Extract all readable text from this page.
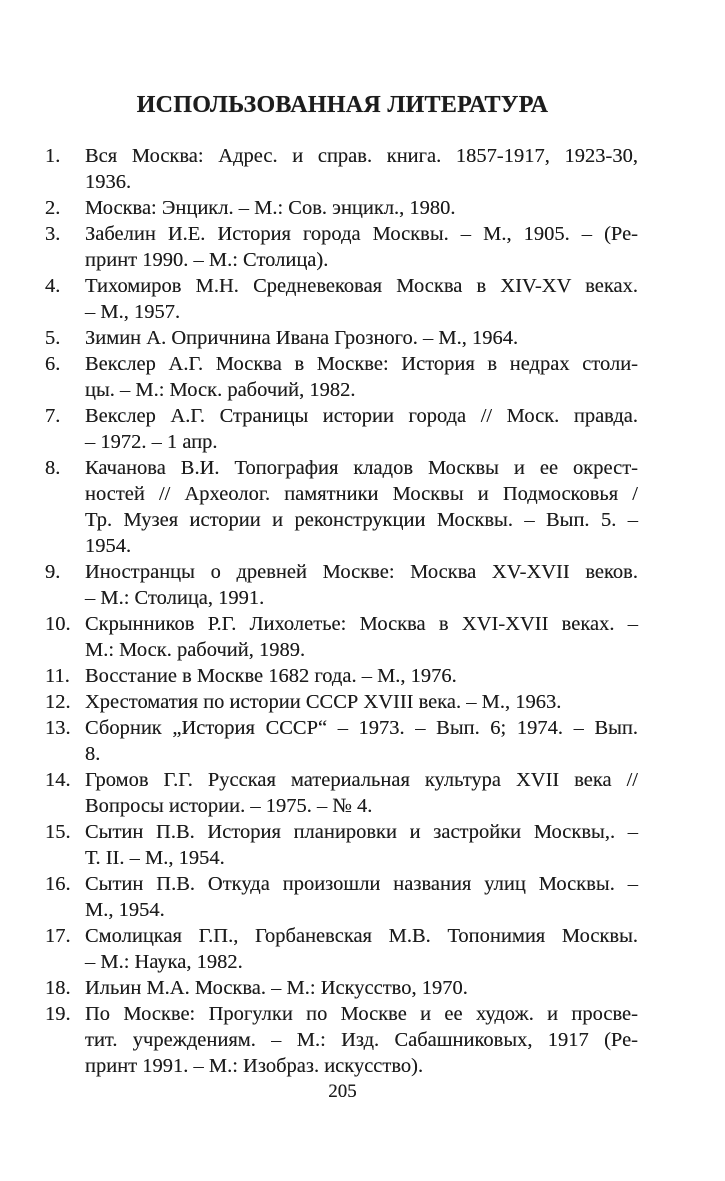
ИСПОЛЬЗОВАННАЯ ЛИТЕРАТУРА
1. Вся Москва: Адрес. и справ. книга. 1857-1917, 1923-30,
1936.
2. Москва: Энцикл. – М.: Сов. энцикл., 1980.
3. Забелин И.Е. История города Москвы. – М., 1905. – (Ре-
принт 1990. – М.: Столица).
4. Тихомиров М.Н. Средневековая Москва в XIV-XV веках.
– М., 1957.
5. Зимин А. Опричнина Ивана Грозного. – М., 1964.
6. Векслер А.Г. Москва в Москве: История в недрах столи-
цы. – М.: Моск. рабочий, 1982.
7. Векслер А.Г. Страницы истории города // Моск. правда.
– 1972. – 1 апр.
8. Качанова В.И. Топография кладов Москвы и ее окрест-
ностей // Археолог. памятники Москвы и Подмосковья /
Тр. Музея истории и реконструкции Москвы. – Вып. 5. –
1954.
9. Иностранцы о древней Москве: Москва XV-XVII веков.
– М.: Столица, 1991.
10. Скрынников Р.Г. Лихолетье: Москва в XVI-XVII веках. –
М.: Моск. рабочий, 1989.
11. Восстание в Москве 1682 года. – М., 1976.
12. Хрестоматия по истории СССР XVIII века. – М., 1963.
13. Сборник „История СССР“ – 1973. – Вып. 6; 1974. – Вып.
8.
14. Громов Г.Г. Русская материальная культура XVII века //
Вопросы истории. – 1975. – № 4.
15. Сытин П.В. История планировки и застройки Москвы,. –
Т. II. – М., 1954.
16. Сытин П.В. Откуда произошли названия улиц Москвы. –
М., 1954.
17. Смолицкая Г.П., Горбаневская М.В. Топонимия Москвы.
– М.: Наука, 1982.
18. Ильин М.А. Москва. – М.: Искусство, 1970.
19. По Москве: Прогулки по Москве и ее худож. и просве-
тит. учреждениям. – М.: Изд. Сабашниковых, 1917 (Ре-
принт 1991. – М.: Изобраз. искусство).
205
